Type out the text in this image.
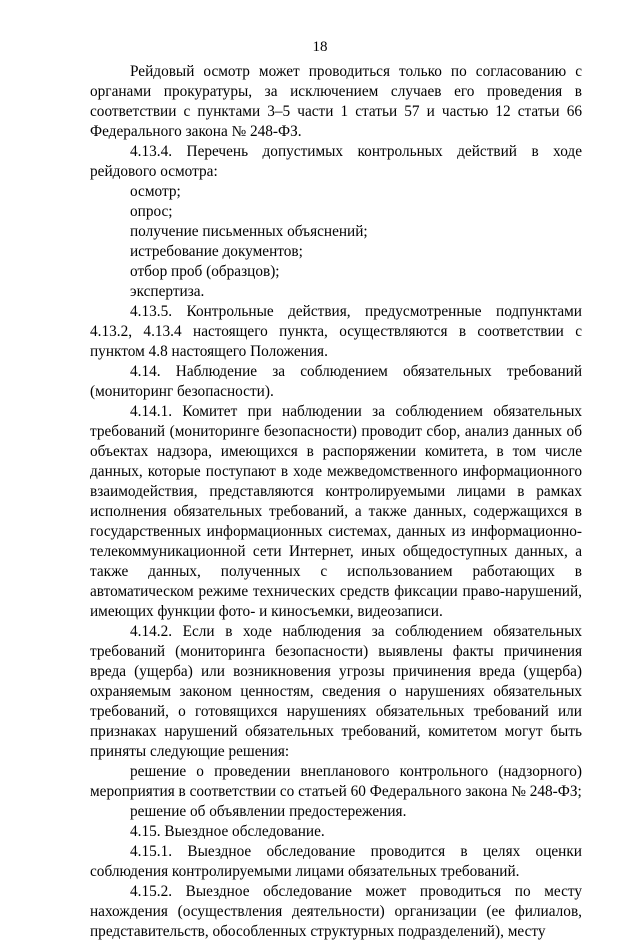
18

Рейдовый осмотр может проводиться только по согласованию с органами прокуратуры, за исключением случаев его проведения в соответствии с пунктами 3–5 части 1 статьи 57 и частью 12 статьи 66 Федерального закона № 248-ФЗ.

4.13.4. Перечень допустимых контрольных действий в ходе рейдового осмотра:

осмотр;

опрос;

получение письменных объяснений;

истребование документов;

отбор проб (образцов);

экспертиза.

4.13.5. Контрольные действия, предусмотренные подпунктами 4.13.2, 4.13.4 настоящего пункта, осуществляются в соответствии с пунктом 4.8 настоящего Положения.

4.14. Наблюдение за соблюдением обязательных требований (мониторинг безопасности).

4.14.1. Комитет при наблюдении за соблюдением обязательных требований (мониторинге безопасности) проводит сбор, анализ данных об объектах надзора, имеющихся в распоряжении комитета, в том числе данных, которые поступают в ходе межведомственного информационного взаимодействия, представляются контролируемыми лицами в рамках исполнения обязательных требований, а также данных, содержащихся в государственных информационных системах, данных из информационно-телекоммуникационной сети Интернет, иных общедоступных данных, а также данных, полученных с использованием работающих в автоматическом режиме технических средств фиксации право-нарушений, имеющих функции фото- и киносъемки, видеозаписи.

4.14.2. Если в ходе наблюдения за соблюдением обязательных требований (мониторинга безопасности) выявлены факты причинения вреда (ущерба) или возникновения угрозы причинения вреда (ущерба) охраняемым законом ценностям, сведения о нарушениях обязательных требований, о готовящихся нарушениях обязательных требований или признаках нарушений обязательных требований, комитетом могут быть приняты следующие решения:

решение о проведении внепланового контрольного (надзорного) мероприятия в соответствии со статьей 60 Федерального закона № 248-ФЗ;

решение об объявлении предостережения.

4.15. Выездное обследование.

4.15.1. Выездное обследование проводится в целях оценки соблюдения контролируемыми лицами обязательных требований.

4.15.2. Выездное обследование может проводиться по месту нахождения (осуществления деятельности) организации (ее филиалов, представительств, обособленных структурных подразделений), месту
